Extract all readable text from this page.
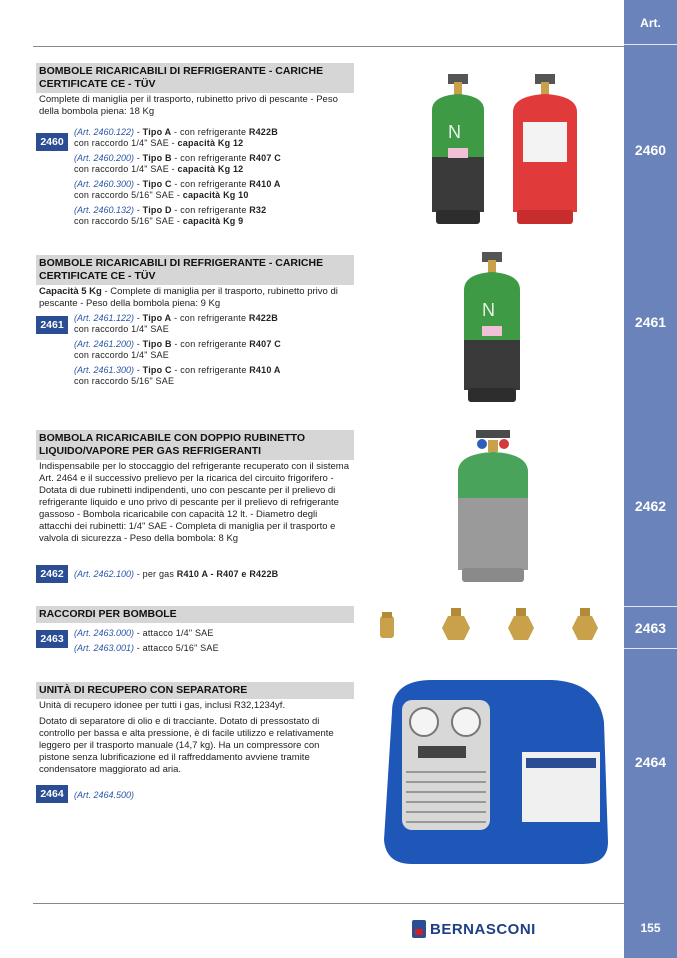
Art.
2460
2461
2462
2463
2464
155
BOMBOLE RICARICABILI DI REFRIGERANTE - CARICHE CERTIFICATE CE - TÜV
Complete di maniglia per il trasporto, rubinetto privo di pescante - Peso della bombola piena: 18 Kg
2460
(Art. 2460.122) - Tipo A - con refrigerante R422B
con raccordo 1/4" SAE - capacità Kg 12
(Art. 2460.200) - Tipo B - con refrigerante R407 C
con raccordo 1/4" SAE - capacità Kg 12
(Art. 2460.300) - Tipo C - con refrigerante R410 A
con raccordo 5/16" SAE - capacità Kg 10
(Art. 2460.132) - Tipo D - con refrigerante R32
con raccordo 5/16" SAE - capacità Kg 9
N
BOMBOLE RICARICABILI DI REFRIGERANTE - CARICHE CERTIFICATE CE - TÜV
Capacità 5 Kg - Complete di maniglia per il trasporto, rubinetto privo di pescante - Peso della bombola piena: 9 Kg
2461
(Art. 2461.122) - Tipo A - con refrigerante R422B
con raccordo 1/4" SAE
(Art. 2461.200) - Tipo B - con refrigerante R407 C
con raccordo 1/4" SAE
(Art. 2461.300) - Tipo C - con refrigerante R410 A
con raccordo 5/16" SAE
N
BOMBOLA RICARICABILE CON DOPPIO RUBINETTO LIQUIDO/VAPORE PER GAS REFRIGERANTI
Indispensabile per lo stoccaggio del refrigerante recuperato con il sistema Art. 2464 e il successivo prelievo per la ricarica del circuito frigorifero - Dotata di due rubinetti indipendenti, uno con pescante per il prelievo di refrigerante liquido e uno privo di pescante per il prelievo di refrigerante gassoso - Bombola ricaricabile con capacità 12 lt. - Diametro degli attacchi dei rubinetti: 1/4" SAE - Completa di maniglia per il trasporto e valvola di sicurezza - Peso della bombola: 8 Kg
2462	(Art. 2462.100) - per gas R410 A - R407 e R422B
RACCORDI PER BOMBOLE
2463	(Art. 2463.000) - attacco 1/4" SAE
(Art. 2463.001) - attacco 5/16" SAE
UNITÀ DI RECUPERO CON SEPARATORE
Unità di recupero idonee per tutti i gas, inclusi R32,1234yf.
Dotato di separatore di olio e di tracciante. Dotato di pressostato di controllo per bassa e alta pressione, è di facile utilizzo e relativamente leggero per il trasporto manuale (14,7 kg). Ha un compressore con pistone senza lubrificazione ed il raffreddamento avviene tramite condensatore maggiorato ad aria.
2464	(Art. 2464.500)
BERNASCONI
